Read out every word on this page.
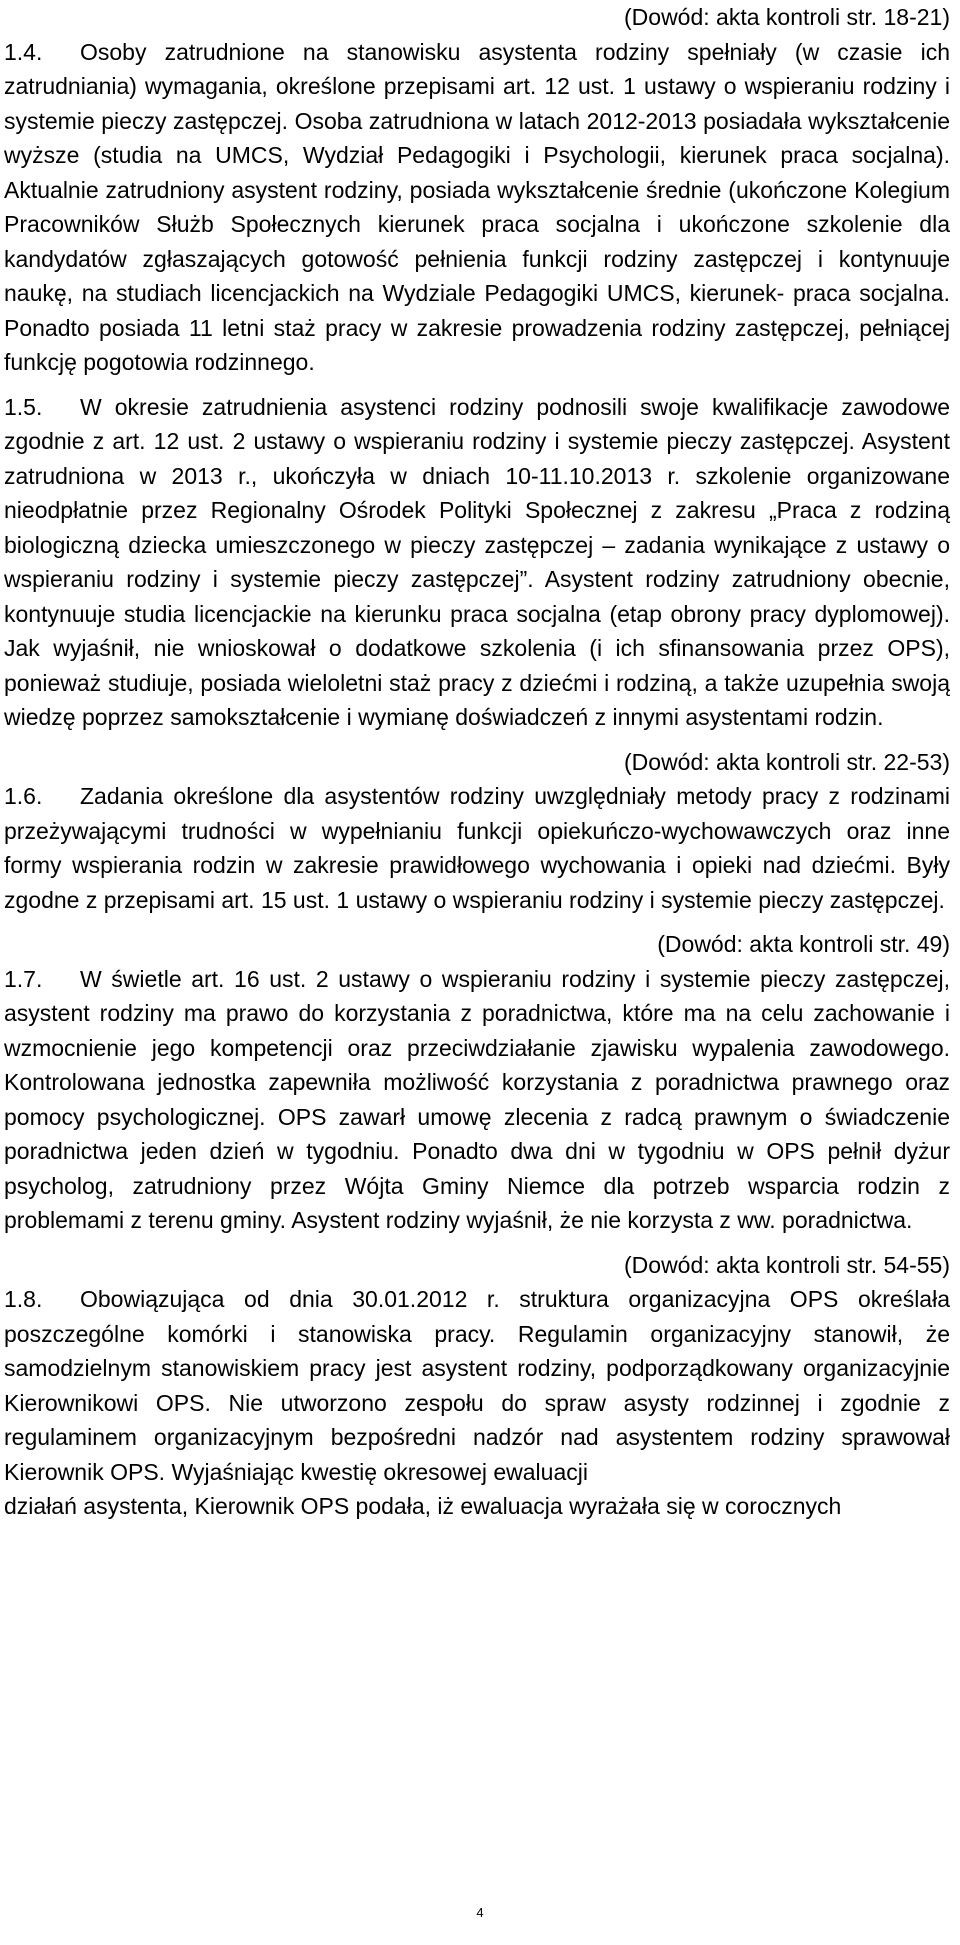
(Dowód: akta kontroli str. 18-21)

1.4. Osoby zatrudnione na stanowisku asystenta rodziny spełniały (w czasie ich zatrudniania) wymagania, określone przepisami art. 12 ust. 1 ustawy o wspieraniu rodziny i systemie pieczy zastępczej. Osoba zatrudniona w latach 2012-2013 posiadała wykształcenie wyższe (studia na UMCS, Wydział Pedagogiki i Psychologii, kierunek praca socjalna). Aktualnie zatrudniony asystent rodziny, posiada wykształcenie średnie (ukończone Kolegium Pracowników Służb Społecznych kierunek praca socjalna i ukończone szkolenie dla kandydatów zgłaszających gotowość pełnienia funkcji rodziny zastępczej i kontynuuje naukę, na studiach licencjackich na Wydziale Pedagogiki UMCS, kierunek- praca socjalna. Ponadto posiada 11 letni staż pracy w zakresie prowadzenia rodziny zastępczej, pełniącej funkcję pogotowia rodzinnego.

1.5. W okresie zatrudnienia asystenci rodziny podnosili swoje kwalifikacje zawodowe zgodnie z art. 12 ust. 2 ustawy o wspieraniu rodziny i systemie pieczy zastępczej. Asystent zatrudniona w 2013 r., ukończyła w dniach 10-11.10.2013 r. szkolenie organizowane nieodpłatnie przez Regionalny Ośrodek Polityki Społecznej z zakresu „Praca z rodziną biologiczną dziecka umieszczonego w pieczy zastępczej – zadania wynikające z ustawy o wspieraniu rodziny i systemie pieczy zastępczej”. Asystent rodziny zatrudniony obecnie, kontynuuje studia licencjackie na kierunku praca socjalna (etap obrony pracy dyplomowej). Jak wyjaśnił, nie wnioskował o dodatkowe szkolenia (i ich sfinansowania przez OPS), ponieważ studiuje, posiada wieloletni staż pracy z dziećmi i rodziną, a także uzupełnia swoją wiedzę poprzez samokształcenie i wymianę doświadczeń z innymi asystentami rodzin.

(Dowód: akta kontroli str. 22-53)

1.6. Zadania określone dla asystentów rodziny uwzględniały metody pracy z rodzinami przeżywającymi trudności w wypełnianiu funkcji opiekuńczo-wychowawczych oraz inne formy wspierania rodzin w zakresie prawidłowego wychowania i opieki nad dziećmi. Były zgodne z przepisami art. 15 ust. 1 ustawy o wspieraniu rodziny i systemie pieczy zastępczej.

(Dowód: akta kontroli str. 49)

1.7. W świetle art. 16 ust. 2 ustawy o wspieraniu rodziny i systemie pieczy zastępczej, asystent rodziny ma prawo do korzystania z poradnictwa, które ma na celu zachowanie i wzmocnienie jego kompetencji oraz przeciwdziałanie zjawisku wypalenia zawodowego. Kontrolowana jednostka zapewniła możliwość korzystania z poradnictwa prawnego oraz pomocy psychologicznej. OPS zawarł umowę zlecenia z radcą prawnym o świadczenie poradnictwa jeden dzień w tygodniu. Ponadto dwa dni w tygodniu w OPS pełnił dyżur psycholog, zatrudniony przez Wójta Gminy Niemce dla potrzeb wsparcia rodzin z problemami z terenu gminy. Asystent rodziny wyjaśnił, że nie korzysta z ww. poradnictwa.

(Dowód: akta kontroli str. 54-55)

1.8. Obowiązująca od dnia 30.01.2012 r. struktura organizacyjna OPS określała poszczególne komórki i stanowiska pracy. Regulamin organizacyjny stanowił, że samodzielnym stanowiskiem pracy jest asystent rodziny, podporządkowany organizacyjnie Kierownikowi OPS. Nie utworzono zespołu do spraw asysty rodzinnej i zgodnie z regulaminem organizacyjnym bezpośredni nadzór nad asystentem rodziny sprawował Kierownik OPS. Wyjaśniając kwestię okresowej ewaluacji

działań asystenta, Kierownik OPS podała, iż ewaluacja wyrażała się w corocznych

4
